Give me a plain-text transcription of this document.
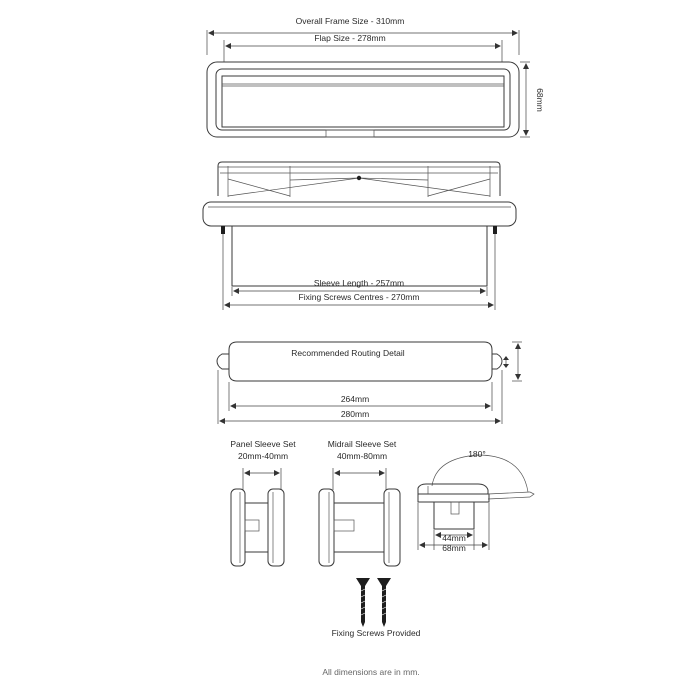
Overall Frame Size - 310mm
Flap Size - 278mm
68mm
Sleeve Length - 257mm
Fixing Screws Centres - 270mm
Recommended Routing Detail
264mm
280mm
Panel Sleeve Set
20mm-40mm
Midrail Sleeve Set
40mm-80mm	180°
44mm
68mm
Fixing Screws Provided
All dimensions are in mm.
